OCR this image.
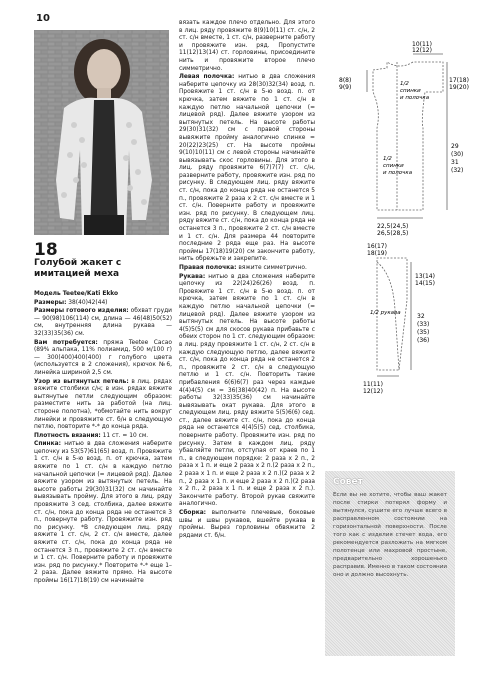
10
18
Голубой жакет с имитацией меха

Модель Teetee/Kati Ekko

Размеры: 38(40)42(44)

Размеры готового изделия: обхват груди — 90(98)106(114) см, длина — 46(48)50(52) см, внутренняя длина рукава — 32(33)35(36) см.

Вам потребуется: пряжа Teetee Cacao (89% альпака, 11% полиамид, 500 м/100 г) — 300(400)400(400) г голубого цвета (используется в 2 сложения), крючок №6, линейка шириной 2,5 см.

Узор из вытянутых петель: в лиц. рядах вяжите столбики с/н; в изн. рядах вяжите вытянутые петли следующим образом: разместите нить за работой (на лиц. стороне полотна), *обмотайте нить вокруг линейки и провяжите ст. б/н в следующую петлю, повторите *-* до конца ряда.

Плотность вязания: 11 ст. = 10 см.

Спинка: нитью в два сложения наберите цепочку из 53(57)61(65) возд. п. Провяжите 1 ст. с/н в 5-ю возд. п. от крючка, затем вяжите по 1 ст. с/н в каждую петлю начальной цепочки (= лицевой ряд). Далее вяжите узором из вытянутых петель. На высоте работы 29(30)31(32) см начинайте вывязывать пройму. Для этого в лиц. ряду провяжите 3 сед. столбика, далее вяжите ст. с/н, пока до конца ряда не останется 3 п., повернуте работу. Провяжите изн. ряд по рисунку. *В следующем лиц. ряду вяжите 1 ст. с/н, 2 ст. с/н вместе, далее вяжите ст. с/н, пока до конца ряда не останется 3 п., провяжите 2 ст. с/н вместе и 1 ст. с/н. Поверните работу и провяжите изн. ряд по рисунку.* Повторите *-* еще 1–2 раза. Далее вяжите прямо. На высоте проймы 16(17)18(19) см начинайте

вязать каждое плечо отдельно. Для этого в лиц. ряду провяжите 8(9)10(11) ст. с/н, 2 ст. с/н вместе, 1 ст. с/н, разверните работу и провяжите изн. ряд. Пропустите 11(12)13(14) ст. горловины, присоедините нить и провяжите второе плечо симметрично.

Левая полочка: нитью в два сложения наберите цепочку из 28(30)32(34) возд. п. Провяжите 1 ст. с/н в 5-ю возд. п. от крючка, затем вяжите по 1 ст. с/н в каждую петлю начальной цепочки (= лицевой ряд). Далее вяжите узором из вытянутых петель. На высоте работы 29(30)31(32) см с правой стороны вывяжите пройму аналогично спинке = 20(22)23(25) ст. На высоте проймы 9(10)10(11) см с левой стороны начинайте вывязывать скос горловины. Для этого в лиц. ряду провяжите 6(7)7(7) ст. с/н, разверните работу, провяжите изн. ряд по рисунку. В следующем лиц. ряду вяжите ст. с/н, пока до конца ряда не останется 5 п., провяжите 2 раза х 2 ст. с/н вместе и 1 ст. с/н. Поверните работу и провяжите изн. ряд по рисунку. В следующем лиц. ряду вяжите ст. с/н, пока до конца ряда не останется 3 п., провяжите 2 ст. с/н вместе и 1 ст. с/н. Для размера 44 повторите последние 2 ряда еще раз. На высоте проймы 17(18)19(20) см закончите работу, нить обрежьте и закрепите.

Правая полочка: вяжите симметрично.

Рукава: нитью в два сложения наберите цепочку из 22(24)26(26) возд. п. Провяжите 1 ст. с/н в 5-ю возд. п. от крючка, затем вяжите по 1 ст. с/н в каждую петлю начальной цепочки (= лицевой ряд). Далее вяжите узором из вытянутых петель. На высоте работы 4(5)5(5) см для скосов рукава прибавьте с обеих сторон по 1 ст. следующим образом: в лиц. ряду провяжите 1 ст. с/н, 2 ст. с/н в каждую следующую петлю, далее вяжите ст. с/н, пока до конца ряда не останется 2 п., провяжите 2 ст. с/н в следующую петлю и 1 ст. с/н. Повторить такие прибавления 6(6)6(7) раз через каждые 4(4)4(5) см = 36(38)40(42) п. На высоте работы 32(33)35(36) см начинайте вывязывать окат рукава. Для этого в следующем лиц. ряду вяжите 5(5)6(6) сед. ст., далее вяжите ст. с/н, пока до конца ряда не останется 4(4)5(5) сед. столбика, поверните работу. Провяжите изн. ряд по рисунку. Затем в каждом лиц. ряду убавляйте петли, отступая от краев по 1 п., в следующем порядке: 2 раза х 2 п., 2 раза х 1 п. и еще 2 раза х 2 п.(2 раза х 2 п., 2 раза х 1 п. и еще 2 раза х 2 п.)(2 раза х 2 п., 2 раза х 1 п. и еще 2 раза х 2 п.)(2 раза х 2 п., 2 раза х 1 п. и еще 2 раза х 2 п.). Закончите работу. Второй рукав свяжите аналогично.

Сборка: выполните плечевые, боковые швы и швы рукавов, вшейте рукава в проймы. Вырез горловины обвяжите 2 рядами ст. б/н.

10(11)
12(12)
8(8)
9(9)
17(18)
19(20)
1/2
спинки
и полочка
1/2
спинки
и полочка
29
(30)
31
(32)
22,5(24,5)
26,5(28,5)
16(17)
18(19)
13(14)
14(15)
1/2 рукава	32
(33)
(35)
(36)
11(11)
12(12)
Совет
Если вы не хотите, чтобы ваш жакет после стирки потерял форму и вытянулся, сушите его лучше всего в расправленном состоянии на горизонтальной поверхности. После того как с изделия стечет вода, его рекомендуется разложить на мягком полотенце или махровой простыне, предварительно хорошенько расправив. Именно в таком состоянии оно и должно высохнуть.
